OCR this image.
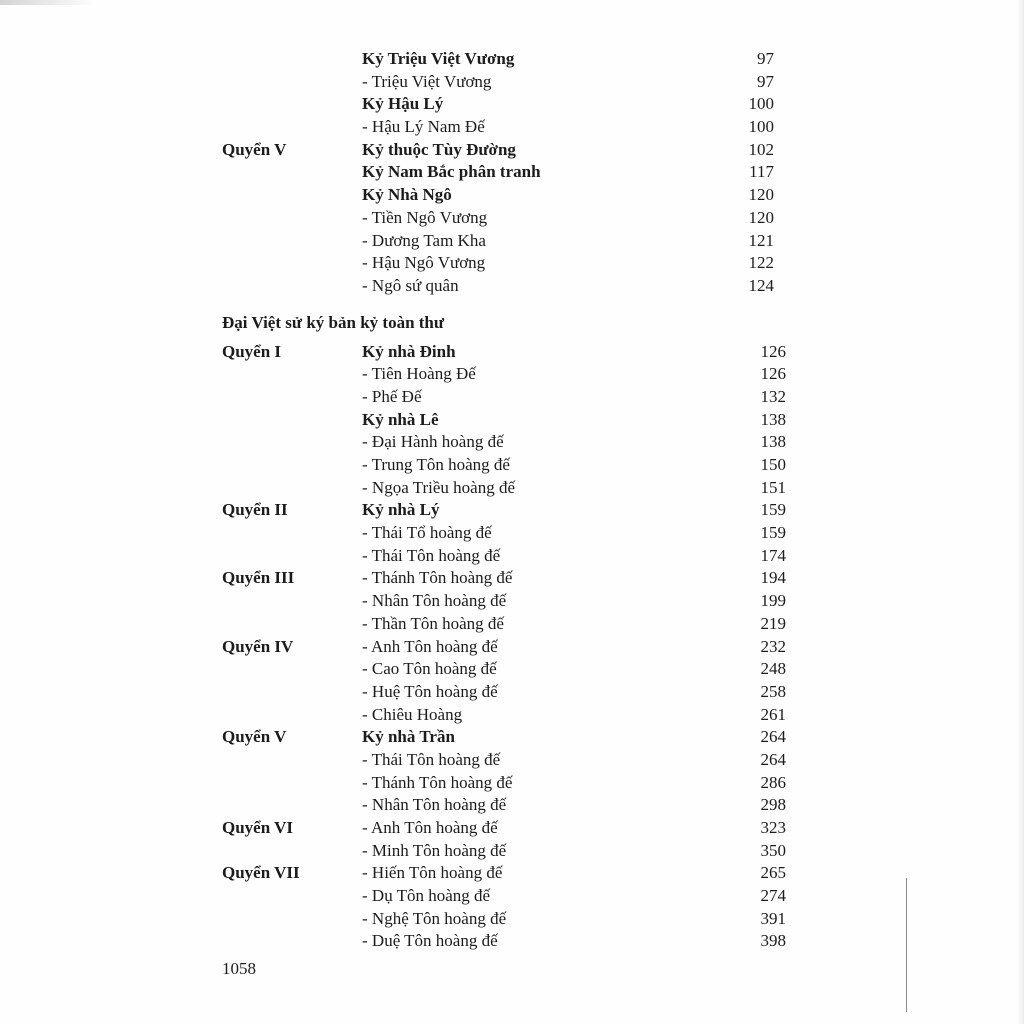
Kỷ Triệu Việt Vương	97
- Triệu Việt Vương	97
Kỷ Hậu Lý	100
- Hậu Lý Nam Đế	100
Quyển V	Kỷ thuộc Tùy Đường	102
Kỷ Nam Bắc phân tranh	117
Kỷ Nhà Ngô	120
- Tiền Ngô Vương	120
- Dương Tam Kha	121
- Hậu Ngô Vương	122
- Ngô sứ quân	124
Đại Việt sử ký bản kỷ toàn thư
Quyển I	Kỷ nhà Đinh	126
- Tiên Hoàng Đế	126
- Phế Đế	132
Kỷ nhà Lê	138
- Đại Hành hoàng đế	138
- Trung Tôn hoàng đế	150
- Ngọa Triều hoàng đế	151
Quyển II	Kỷ nhà Lý	159
- Thái Tổ hoàng đế	159
- Thái Tôn hoàng đế	174
Quyển III	- Thánh Tôn hoàng đế	194
- Nhân Tôn hoàng đế	199
- Thần Tôn hoàng đế	219
Quyển IV	- Anh Tôn hoàng đế	232
- Cao Tôn hoàng đế	248
- Huệ Tôn hoàng đế	258
- Chiêu Hoàng	261
Quyển V	Kỷ nhà Trần	264
- Thái Tôn hoàng đế	264
- Thánh Tôn hoàng đế	286
- Nhân Tôn hoàng đế	298
Quyển VI	- Anh Tôn hoàng đế	323
- Minh Tôn hoàng đế	350
Quyển VII	- Hiến Tôn hoàng đế	265
- Dụ Tôn hoàng đế	274
- Nghệ Tôn hoàng đế	391
- Duệ Tôn hoàng đế	398
1058
